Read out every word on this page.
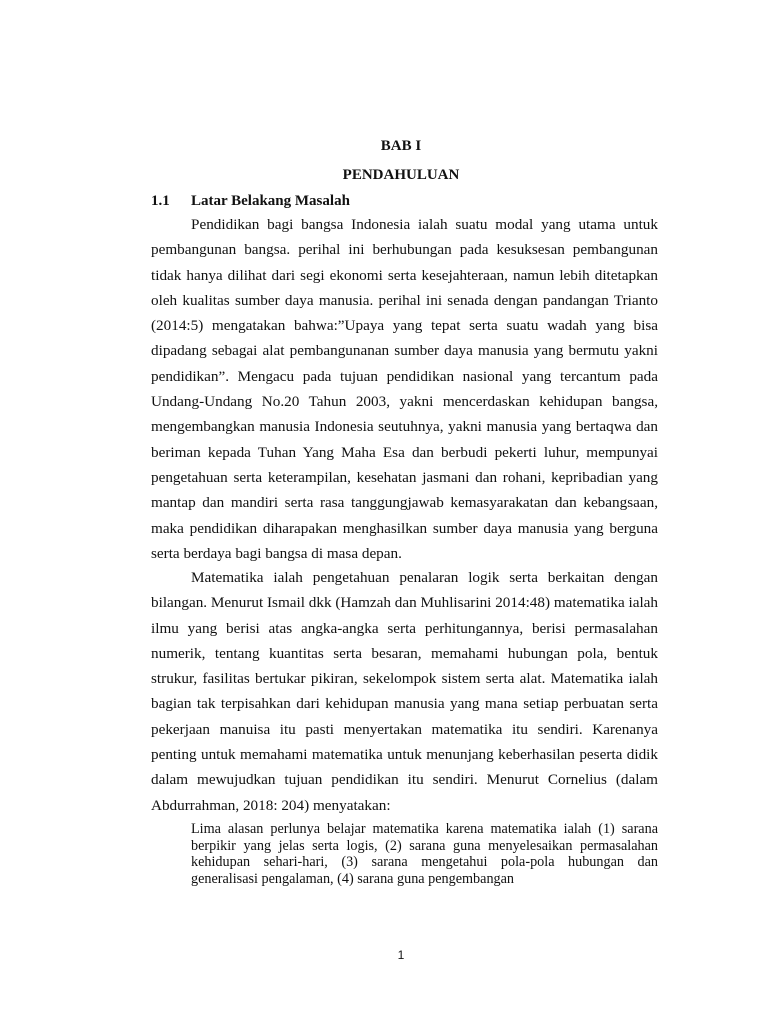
BAB I
PENDAHULUAN
1.1 Latar Belakang Masalah

Pendidikan bagi bangsa Indonesia ialah suatu modal yang utama untuk pembangunan bangsa. perihal ini berhubungan pada kesuksesan pembangunan tidak hanya dilihat dari segi ekonomi serta kesejahteraan, namun lebih ditetapkan oleh kualitas sumber daya manusia. perihal ini senada dengan pandangan Trianto (2014:5) mengatakan bahwa:”Upaya yang tepat serta suatu wadah yang bisa dipadang sebagai alat pembangunanan sumber daya manusia yang bermutu yakni pendidikan”. Mengacu pada tujuan pendidikan nasional yang tercantum pada Undang-Undang No.20 Tahun 2003, yakni mencerdaskan kehidupan bangsa, mengembangkan manusia Indonesia seutuhnya, yakni manusia yang bertaqwa dan beriman kepada Tuhan Yang Maha Esa dan berbudi pekerti luhur, mempunyai pengetahuan serta keterampilan, kesehatan jasmani dan rohani, kepribadian yang mantap dan mandiri serta rasa tanggungjawab kemasyarakatan dan kebangsaan, maka pendidikan diharapakan menghasilkan sumber daya manusia yang berguna serta berdaya bagi bangsa di masa depan.

Matematika ialah pengetahuan penalaran logik serta berkaitan dengan bilangan. Menurut Ismail dkk (Hamzah dan Muhlisarini 2014:48) matematika ialah ilmu yang berisi atas angka-angka serta perhitungannya, berisi permasalahan numerik, tentang kuantitas serta besaran, memahami hubungan pola, bentuk strukur, fasilitas bertukar pikiran, sekelompok sistem serta alat. Matematika ialah bagian tak terpisahkan dari kehidupan manusia yang mana setiap perbuatan serta pekerjaan manuisa itu pasti menyertakan matematika itu sendiri. Karenanya penting untuk memahami matematika untuk menunjang keberhasilan peserta didik dalam mewujudkan tujuan pendidikan itu sendiri. Menurut Cornelius (dalam Abdurrahman, 2018: 204) menyatakan:

Lima alasan perlunya belajar matematika karena matematika ialah (1) sarana berpikir yang jelas serta logis, (2) sarana guna menyelesaikan permasalahan kehidupan sehari-hari, (3) sarana mengetahui pola-pola hubungan dan generalisasi pengalaman, (4) sarana guna pengembangan

1
